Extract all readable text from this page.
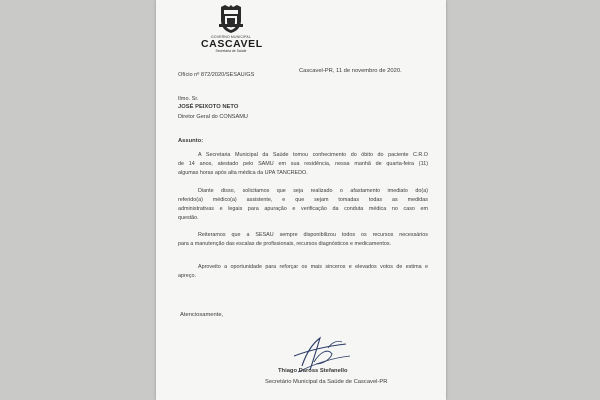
GOVERNO MUNICIPAL
CASCAVEL
Secretaria de Saúde
Ofício nº 872/2020/SESAU/GS
Cascavel-PR, 11 de novembro de 2020.
Ilmo. Sr.
JOSÉ PEIXOTO NETO
Diretor Geral do CONSAMU
Assunto:
A Secretaria Municipal da Saúde tomou conhecimento do óbito do paciente C.R.O
de 14 anos, atestado pelo SAMU em sua residência, nessa manhã de quarta-feira (11)
algumas horas após alta médica da UPA TANCREDO.
Diante disso, solicitamos que seja realizado o afastamento imediato do(a)
referido(a) médico(a) assistente, e que sejam tomadas todas as medidas
administrativas e legais para apuração e verificação da conduta médica no caso em
questão.
Reiteramos que a SESAU sempre disponibilizou todos os recursos necessários
para a manutenção das escalas de profissionais, recursos diagnósticos e medicamentos.
Aproveito a oportunidade para reforçar os mais sinceros e elevados votos de estima e
apreço.
Atenciosamente,
Thiago Daross Stefanello
Secretário Municipal da Saúde de Cascavel-PR
